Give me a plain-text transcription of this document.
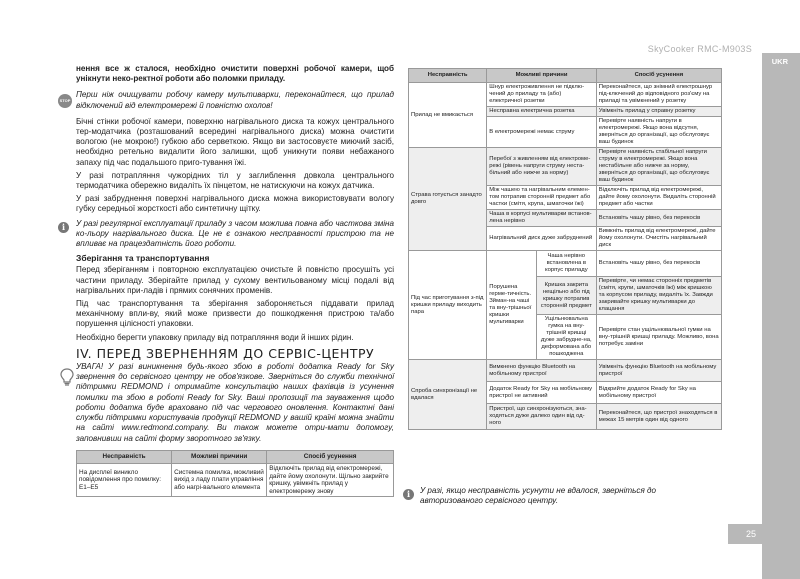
SkyCooker RMC-M903S
UKR
25
STOP
i
i

нення все ж сталося, необхідно очистити поверхні робочої камери, щоб унікнути неко-ректної роботи або поломки приладу.

Перш ніж очищувати робочу камеру мультиварки, переконайтеся, що прилад відключений від електромережі й повністю охолов!

Бічні стінки робочої камери, поверхню нагрівального диска та кожух центрального тер-модатчика (розташований всередині нагрівального диска) можна очистити вологою (не мокрою!) губкою або серветкою. Якщо ви застосовуєте миючий засіб, необхідно ретельно видалити його залишки, щоб уникнути появи небажаного запаху під час подальшого приго-тування їжі.

У разі потрапляння чужорідних тіл у заглиблення довкола центрального термодатчика обережно видаліть їх пінцетом, не натискуючи на кожух датчика.

У разі забруднення поверхні нагрівального диска можна використовувати вологу губку середньої жорсткості або синтетичну щітку.

У разі регулярної експлуатації приладу з часом можлива повна або часткова зміна ко-льору нагрівального диска. Це не є ознакою несправності пристрою та не впливає на працездатність його роботи.

Зберігання та транспортування

Перед зберіганням і повторною експлуатацією очистьте й повністю просушіть усі частини приладу. Зберігайте прилад у сухому вентильованому місці подалі від нагрівальних при-ладів і прямих сонячних променів.

Під час транспортування та зберігання забороняється піддавати прилад механічному впли-ву, який може призвести до пошкодження пристрою та/або порушення цілісності упаковки.

Необхідно берегти упаковку приладу від потрапляння води й інших рідин.

IV. ПЕРЕД ЗВЕРНЕННЯМ ДО СЕРВІС-ЦЕНТРУ

УВАГА! У разі виникнення будь-якого збою в роботі додатка Ready for Sky звернення до сервісного центру не обов'язкове. Зверніться до служби технічної підтримки REDMOND і отримайте консультацію наших фахівців із усунення помилки та збою в роботі Ready for Sky. Ваші пропозиції та зауваження щодо роботи додатка буде враховано під час чергового оновлення. Контактні дані служби підтримки користувачів продукції REDMOND у вашій країні можна знайти на сайті www.redmond.company. Ви також можете отри-мати допомогу, заповнивши на сайті форму зворотного зв'язку.

Несправність	Можливі причини	Спосіб усунення
На дисплеї виникло повідомлення про помилку: E1–E5	Системна помилка, можливий вихід з ладу плати управління або нагрі-вального елемента	Відключіть прилад від електромережі, дайте йому охолонути. Щільно закрийте кришку, увімкніть прилад у електромережу знову
Несправність	Можливі причини		Спосіб усунення
Прилад не вмикається	Шнур електроживлення не підклю-чений до приладу та (або) електричної розетки		Переконайтеся, що знімний електрошнур під-ключений до відповідного роз'єму на приладі та увімкнений у розетку
	Несправна електрична розетка		Увімкніть прилад у справну розетку
	В електромережі немає струму		Перевірте наявність напруги в електромережі. Якщо вона відсутня, зверніться до організації, що обслуговує ваш будинок
Страва готується занадто довго	Перебої з живленням від електроме-режі (рівень напруги струму неста-більний або нижче за норму)		Перевірте наявність стабільної напруги струму в електромережі. Якщо вона нестабільне або нижче за норму, зверніться до організації, що обслуговує ваш будинок
	Між чашею та нагрівальним елемен-том потрапив сторонній предмет або частки (смітя, крупа, шматочки їжі)		Відключіть прилад від електромережі, дайте йому охолонути. Видаліть сторонній предмет або частки
	Чаша в корпусі мультиварки встанов-лена нерівно		Встановіть чашу рівно, без перекосів
	Нагрівальний диск дуже забруднений		Вимкніть прилад від електромережі, дайте йому охолонути. Очистіть нагрівальний диск
Під час приготування з-під кришки приладу виходить пара	Порушена герме-тичність. Зйман-на чаші та вну-трішньої кришки мультиварки	Чаша нерівно встановлена в корпус приладу	Встановіть чашу рівно, без перекосів
		Кришка закрита нещільно або під кришку потрапив сторонній предмет	Перевірте, чи немає сторонніх предметів (смітя, крупи, шматочків їжі) між кришкою та корпусом приладу, видаліть їх. Завжди закривайте кришку мультиварки до клацання
		Ущільнювальна гумка на вну-трішній кришці дуже забрудне-на, деформована або пошкоджена	Перевірте стан ущільнювальної гумки на вну-трішній кришці приладу. Можливо, вона потребує заміни
Спроба синхронізації не вдалася	Вимкнено функцію Bluetooth на мобільному пристрої		Увімкніть функцію Bluetooth на мобільному пристрої
	Додаток Ready for Sky на мобільному пристрої не активний		Відкрийте додаток Ready for Sky на мобільному пристрої
	Пристрої, що синхронізуються, зна-ходяться дуже далеко один від од-ного		Переконайтеся, що пристрої знаходяться в межах 15 метрів один від одного
У разі, якщо несправність усунути не вдалося, зверніться до авторизованого сервісного центру.
